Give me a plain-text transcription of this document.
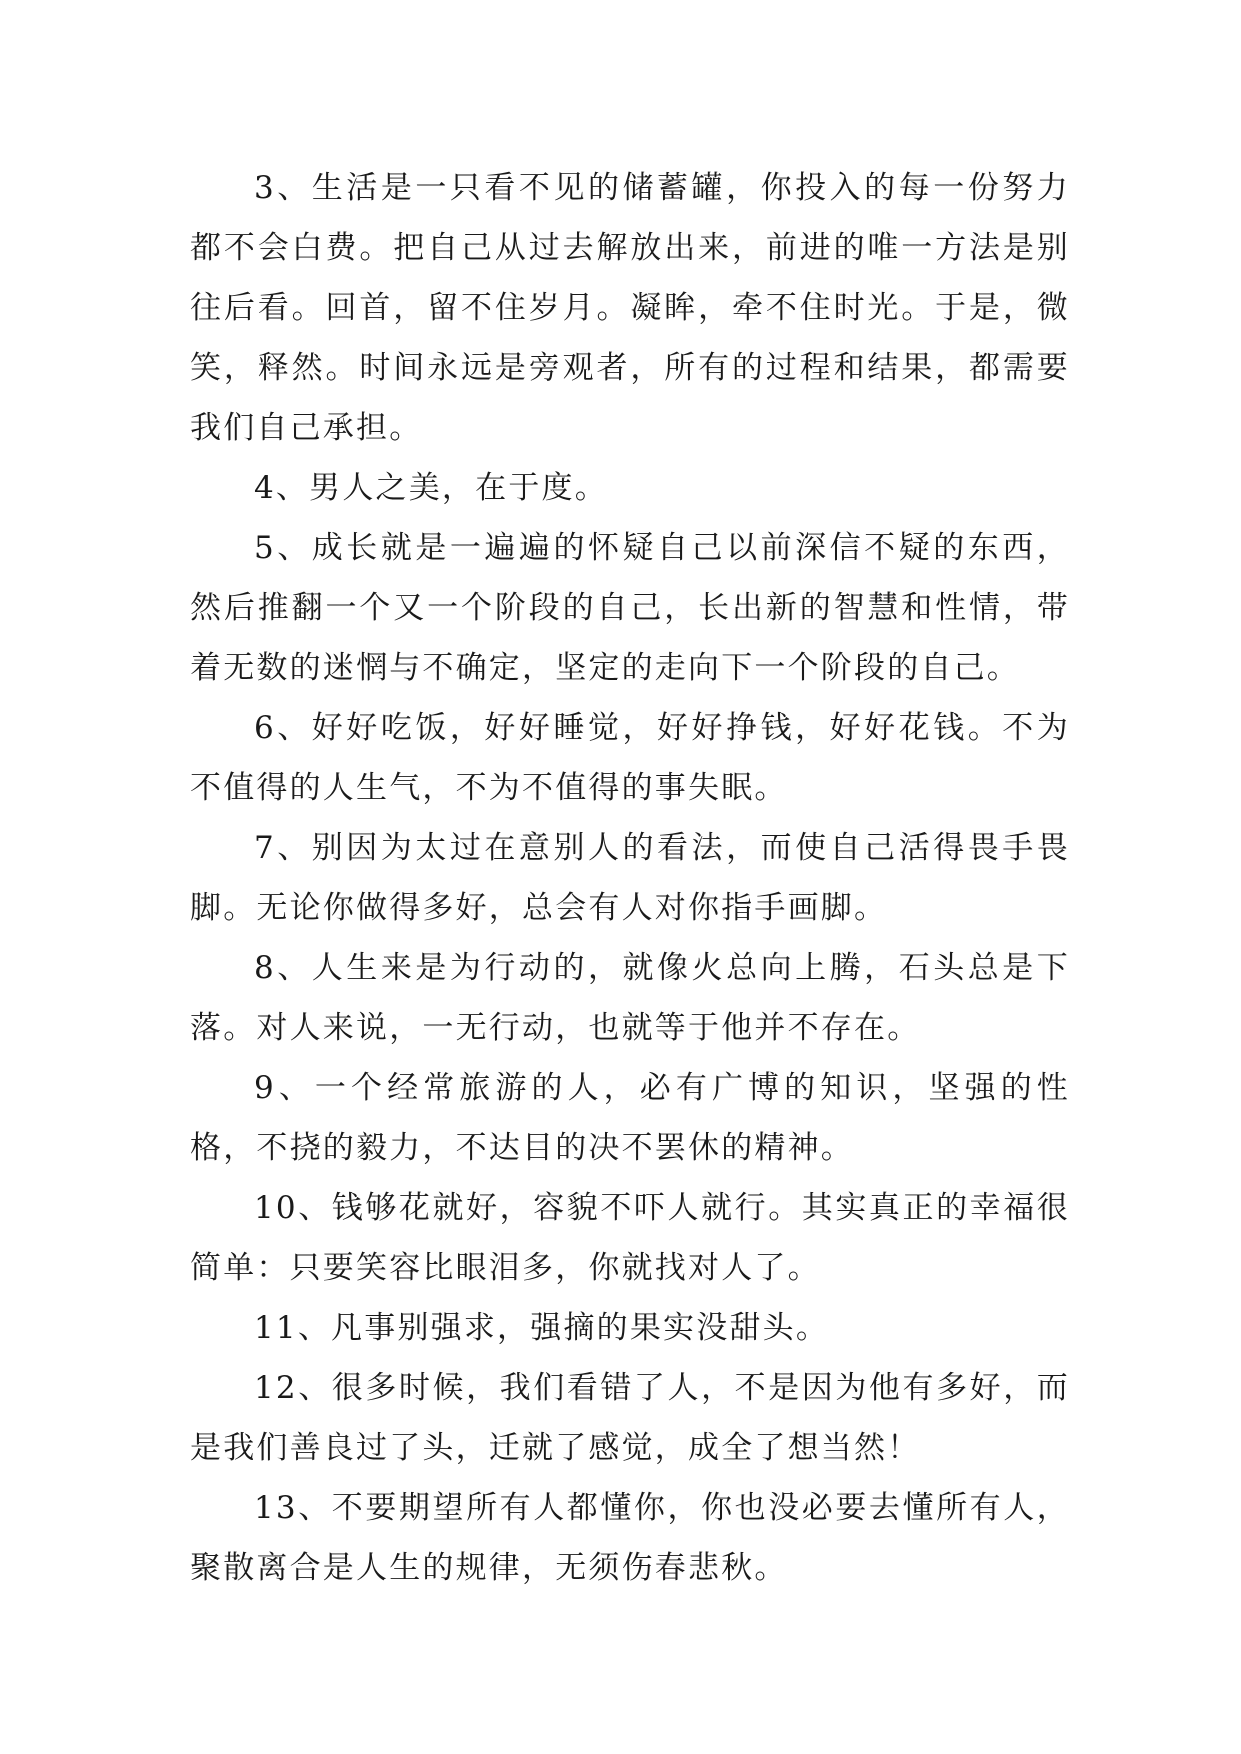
3、生活是一只看不见的储蓄罐，你投入的每一份努力都不会白费。把自己从过去解放出来，前进的唯一方法是别往后看。回首，留不住岁月。凝眸，牵不住时光。于是，微笑，释然。时间永远是旁观者，所有的过程和结果，都需要我们自己承担。

4、男人之美，在于度。

5、成长就是一遍遍的怀疑自己以前深信不疑的东西，然后推翻一个又一个阶段的自己，长出新的智慧和性情，带着无数的迷惘与不确定，坚定的走向下一个阶段的自己。

6、好好吃饭，好好睡觉，好好挣钱，好好花钱。不为不值得的人生气，不为不值得的事失眠。

7、别因为太过在意别人的看法，而使自己活得畏手畏脚。无论你做得多好，总会有人对你指手画脚。

8、人生来是为行动的，就像火总向上腾，石头总是下落。对人来说，一无行动，也就等于他并不存在。

9、一个经常旅游的人，必有广博的知识，坚强的性格，不挠的毅力，不达目的决不罢休的精神。

10、钱够花就好，容貌不吓人就行。其实真正的幸福很简单：只要笑容比眼泪多，你就找对人了。

11、凡事别强求，强摘的果实没甜头。

12、很多时候，我们看错了人，不是因为他有多好，而是我们善良过了头，迁就了感觉，成全了想当然！

13、不要期望所有人都懂你，你也没必要去懂所有人，聚散离合是人生的规律，无须伤春悲秋。
